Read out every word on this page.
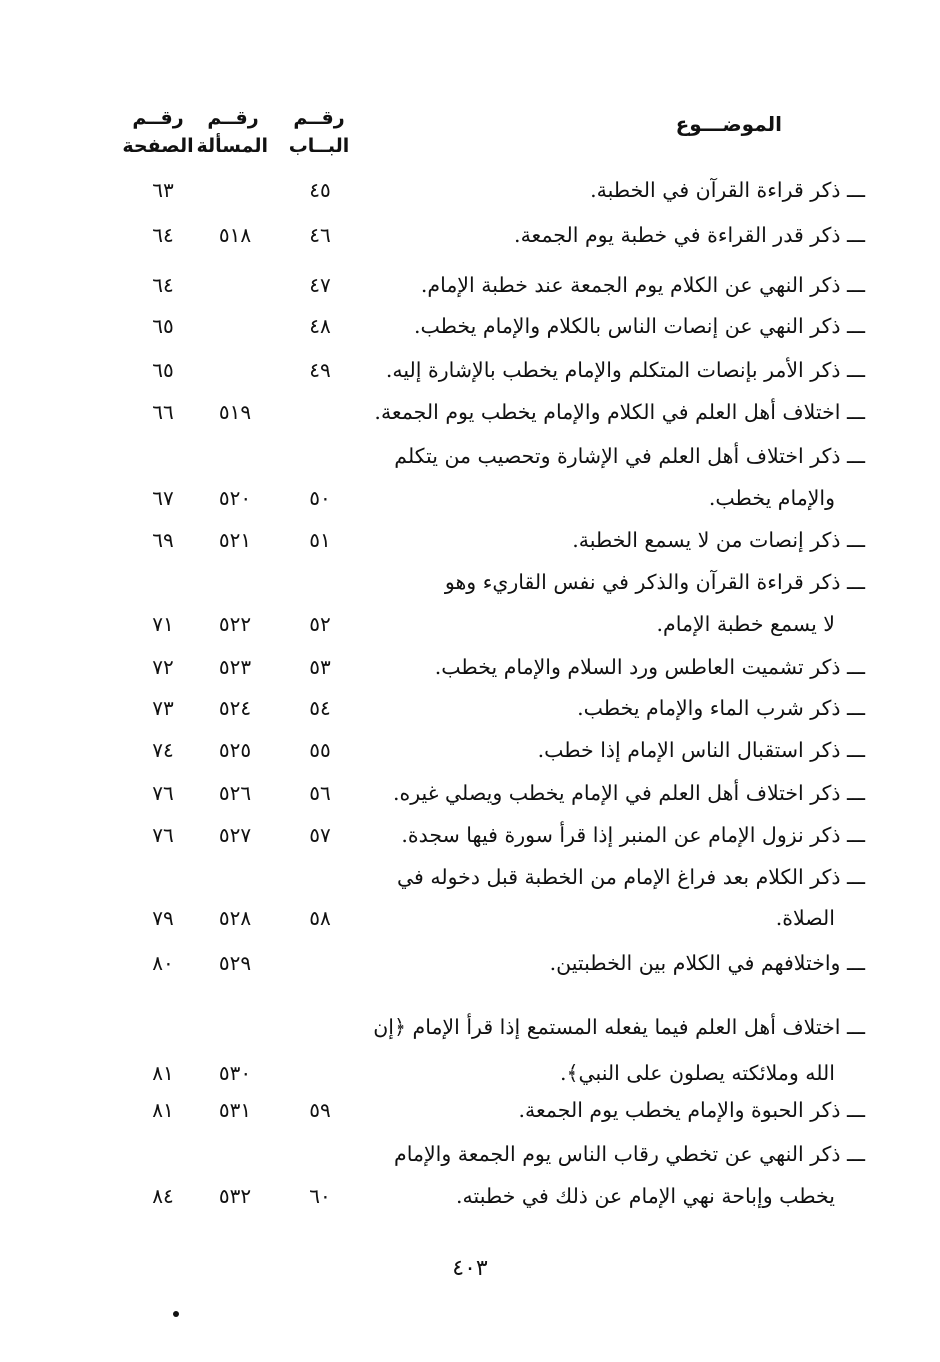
الموضـــوع
رقــم
البــاب
رقــم
المسألة
رقــم
الصفحة
ـــ ذكر قراءة القرآن في الخطبة.
٤٥
٦٣
ـــ ذكر قدر القراءة في خطبة يوم الجمعة.
٤٦
٥١٨
٦٤
ـــ ذكر النهي عن الكلام يوم الجمعة عند خطبة الإمام.
٤٧
٦٤
ـــ ذكر النهي عن إنصات الناس بالكلام والإمام يخطب.
٤٨
٦٥
ـــ ذكر الأمر بإنصات المتكلم والإمام يخطب بالإشارة إليه.
٤٩
٦٥
ـــ اختلاف أهل العلم في الكلام والإمام يخطب يوم الجمعة.
٥١٩
٦٦
ـــ ذكر اختلاف أهل العلم في الإشارة وتحصيب من يتكلم
والإمام يخطب.
٥٠
٥٢٠
٦٧
ـــ ذكر إنصات من لا يسمع الخطبة.
٥١
٥٢١
٦٩
ـــ ذكر قراءة القرآن والذكر في نفس القاريء وهو
لا يسمع خطبة الإمام.
٥٢
٥٢٢
٧١
ـــ ذكر تشميت العاطس ورد السلام والإمام يخطب.
٥٣
٥٢٣
٧٢
ـــ ذكر شرب الماء والإمام يخطب.
٥٤
٥٢٤
٧٣
ـــ ذكر استقبال الناس الإمام إذا خطب.
٥٥
٥٢٥
٧٤
ـــ ذكر اختلاف أهل العلم في الإمام يخطب ويصلي غيره.
٥٦
٥٢٦
٧٦
ـــ ذكر نزول الإمام عن المنبر إذا قرأ سورة فيها سجدة.
٥٧
٥٢٧
٧٦
ـــ ذكر الكلام بعد فراغ الإمام من الخطبة قبل دخوله في
الصلاة.
٥٨
٥٢٨
٧٩
ـــ واختلافهم في الكلام بين الخطبتين.
٥٢٩
٨٠
ـــ اختلاف أهل العلم فيما يفعله المستمع إذا قرأ الإمام ﴿إن
الله وملائكته يصلون على النبي﴾.
٥٣٠
٨١
ـــ ذكر الحبوة والإمام يخطب يوم الجمعة.
٥٩
٥٣١
٨١
ـــ ذكر النهي عن تخطي رقاب الناس يوم الجمعة والإمام
يخطب وإباحة نهي الإمام عن ذلك في خطبته.
٦٠
٥٣٢
٨٤
٤٠٣
